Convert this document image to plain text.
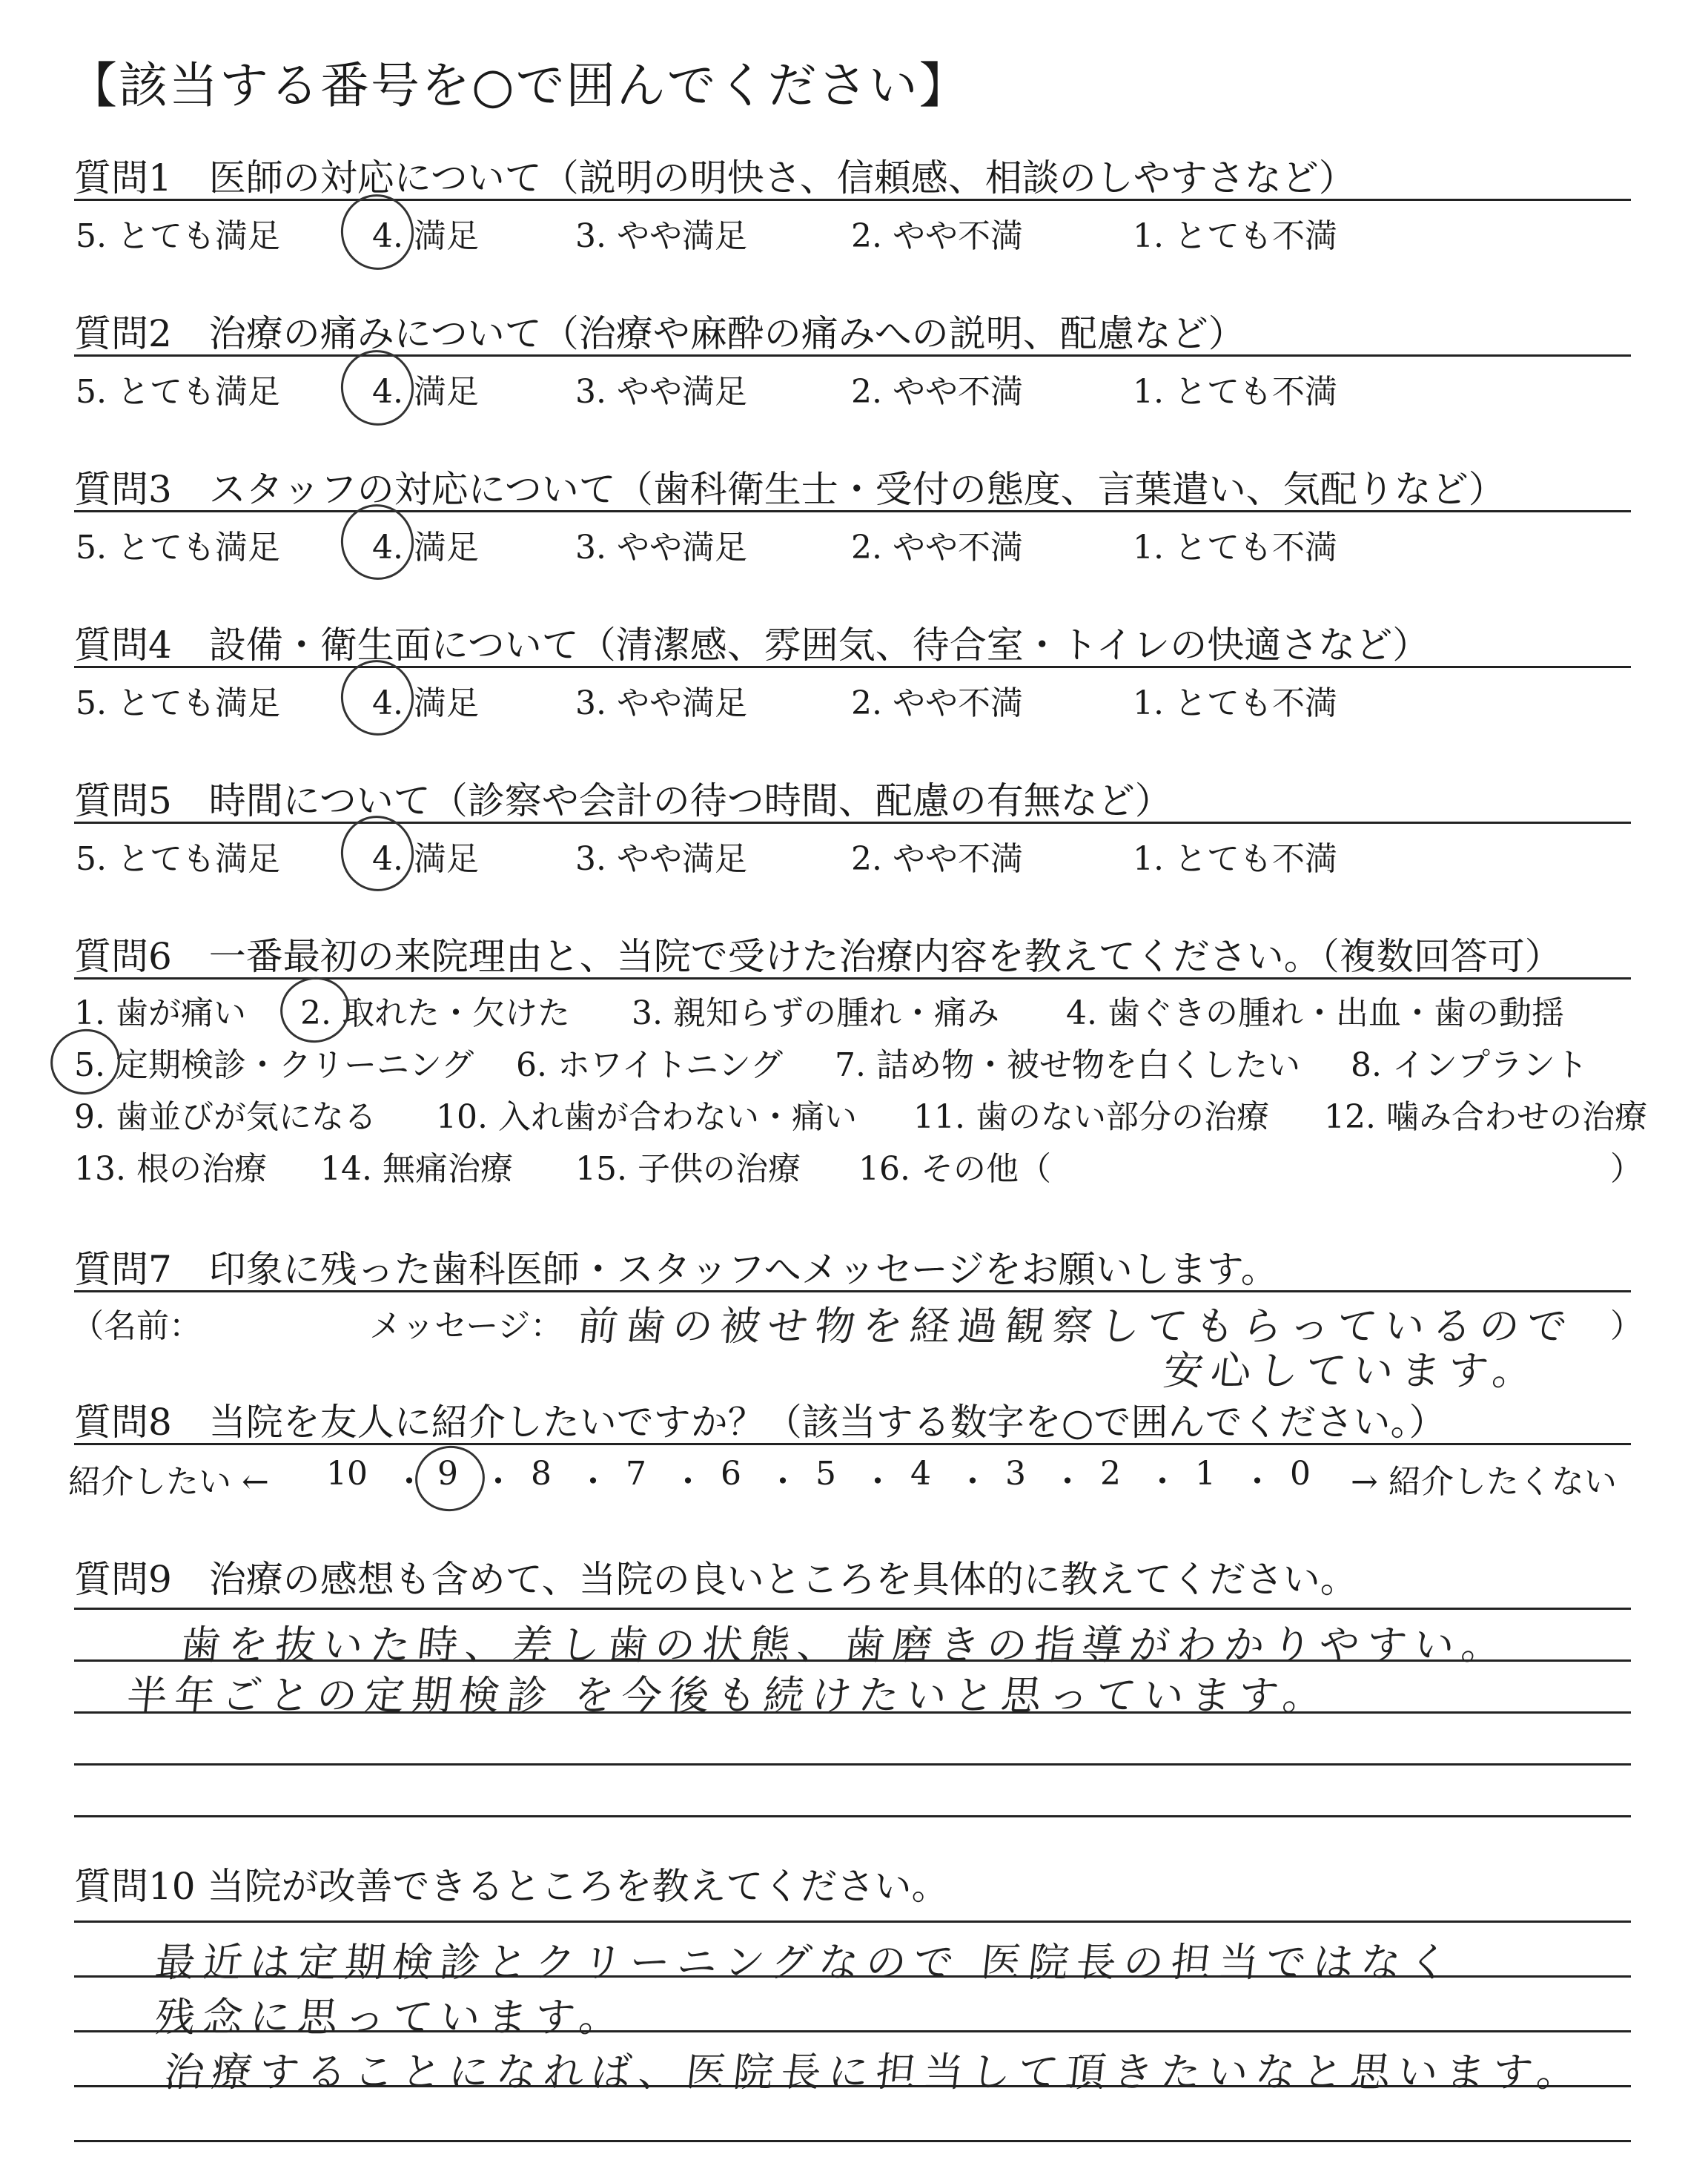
【該当する番号を○で囲んでください】
質問1　医師の対応について（説明の明快さ、信頼感、相談のしやすさなど）
5. とても満足	4. 満足	3. やや満足	2. やや不満	1. とても不満
質問2　治療の痛みについて（治療や麻酔の痛みへの説明、配慮など）
5. とても満足	4. 満足	3. やや満足	2. やや不満	1. とても不満
質問3　スタッフの対応について（歯科衛生士・受付の態度、言葉遣い、気配りなど）
5. とても満足	4. 満足	3. やや満足	2. やや不満	1. とても不満
質問4　設備・衛生面について（清潔感、雰囲気、待合室・トイレの快適さなど）
5. とても満足	4. 満足	3. やや満足	2. やや不満	1. とても不満
質問5　時間について（診察や会計の待つ時間、配慮の有無など）
5. とても満足	4. 満足	3. やや満足	2. やや不満	1. とても不満
質問6　一番最初の来院理由と、当院で受けた治療内容を教えてください。（複数回答可）
1. 歯が痛い 2. 取れた・欠けた 3. 親知らずの腫れ・痛み 4. 歯ぐきの腫れ・出血・歯の動揺
5. 定期検診・クリーニング 6. ホワイトニング 7. 詰め物・被せ物を白くしたい 8. インプラント
9. 歯並びが気になる 10. 入れ歯が合わない・痛い 11. 歯のない部分の治療 12. 噛み合わせの治療
13. 根の治療 14. 無痛治療 15. 子供の治療 16. その他（	）
質問7　印象に残った歯科医師・スタッフへメッセージをお願いします。
（名前：	メッセージ：	）
前歯の被せ物を経過観察してもらっているので
安心しています。
質問8　当院を友人に紹介したいですか？（該当する数字を○で囲んでください。）
紹介したい ← 10 ・ 9 ・ 8 ・ 7 ・ 6 ・ 5 ・ 4 ・ 3 ・ 2 ・ 1 ・ 0 → 紹介したくない
質問9　治療の感想も含めて、当院の良いところを具体的に教えてください。
歯を抜いた時、差し歯の状態、歯磨きの指導がわかりやすい。
半年ごとの定期検診 を今後も続けたいと思っています。
質問10 当院が改善できるところを教えてください。
最近は定期検診とクリーニングなので 医院長の担当ではなく
残念に思っています。
治療することになれば、医院長に担当して頂きたいなと思います。
